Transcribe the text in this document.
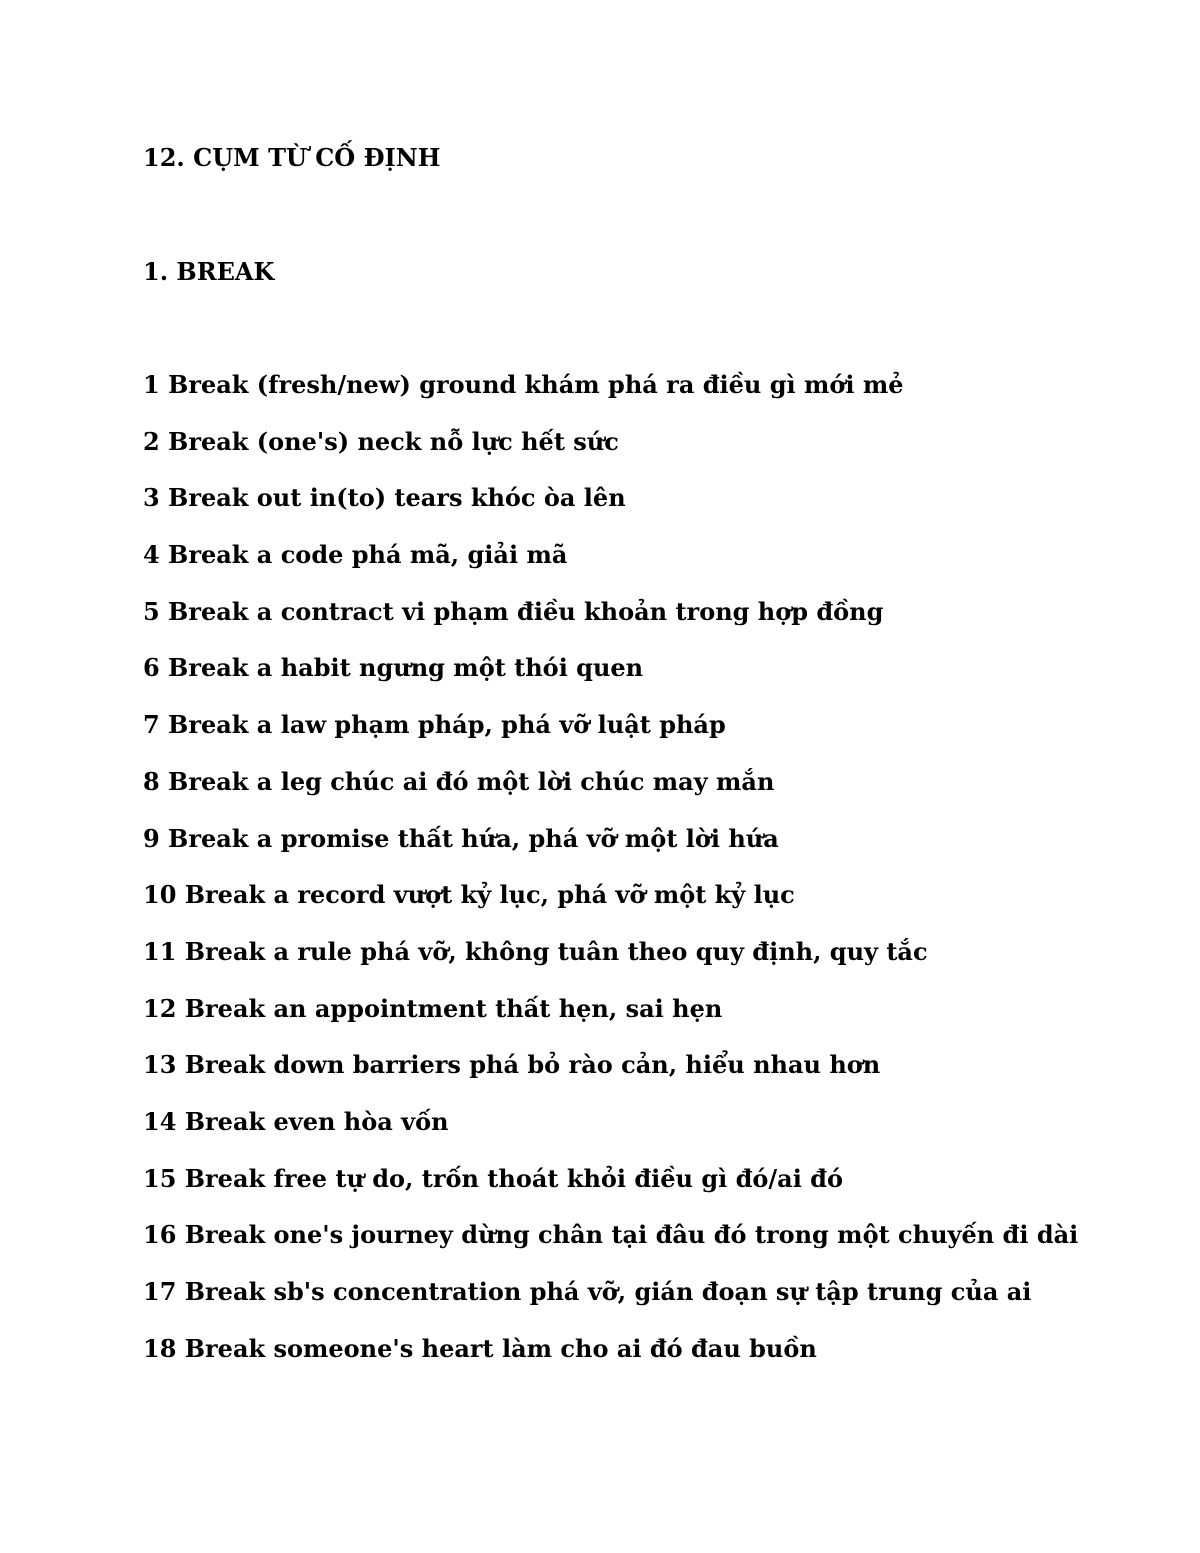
12. CỤM TỪ CỐ ĐỊNH
1. BREAK
1 Break (fresh/new) ground khám phá ra điều gì mới mẻ
2 Break (one's) neck nỗ lực hết sức
3 Break out in(to) tears khóc òa lên
4 Break a code phá mã, giải mã
5 Break a contract vi phạm điều khoản trong hợp đồng
6 Break a habit ngưng một thói quen
7 Break a law phạm pháp, phá vỡ luật pháp
8 Break a leg chúc ai đó một lời chúc may mắn
9 Break a promise thất hứa, phá vỡ một lời hứa
10 Break a record vượt kỷ lục, phá vỡ một kỷ lục
11 Break a rule phá vỡ, không tuân theo quy định, quy tắc
12 Break an appointment thất hẹn, sai hẹn
13 Break down barriers phá bỏ rào cản, hiểu nhau hơn
14 Break even hòa vốn
15 Break free tự do, trốn thoát khỏi điều gì đó/ai đó
16 Break one's journey dừng chân tại đâu đó trong một chuyến đi dài
17 Break sb's concentration phá vỡ, gián đoạn sự tập trung của ai
18 Break someone's heart làm cho ai đó đau buồn
